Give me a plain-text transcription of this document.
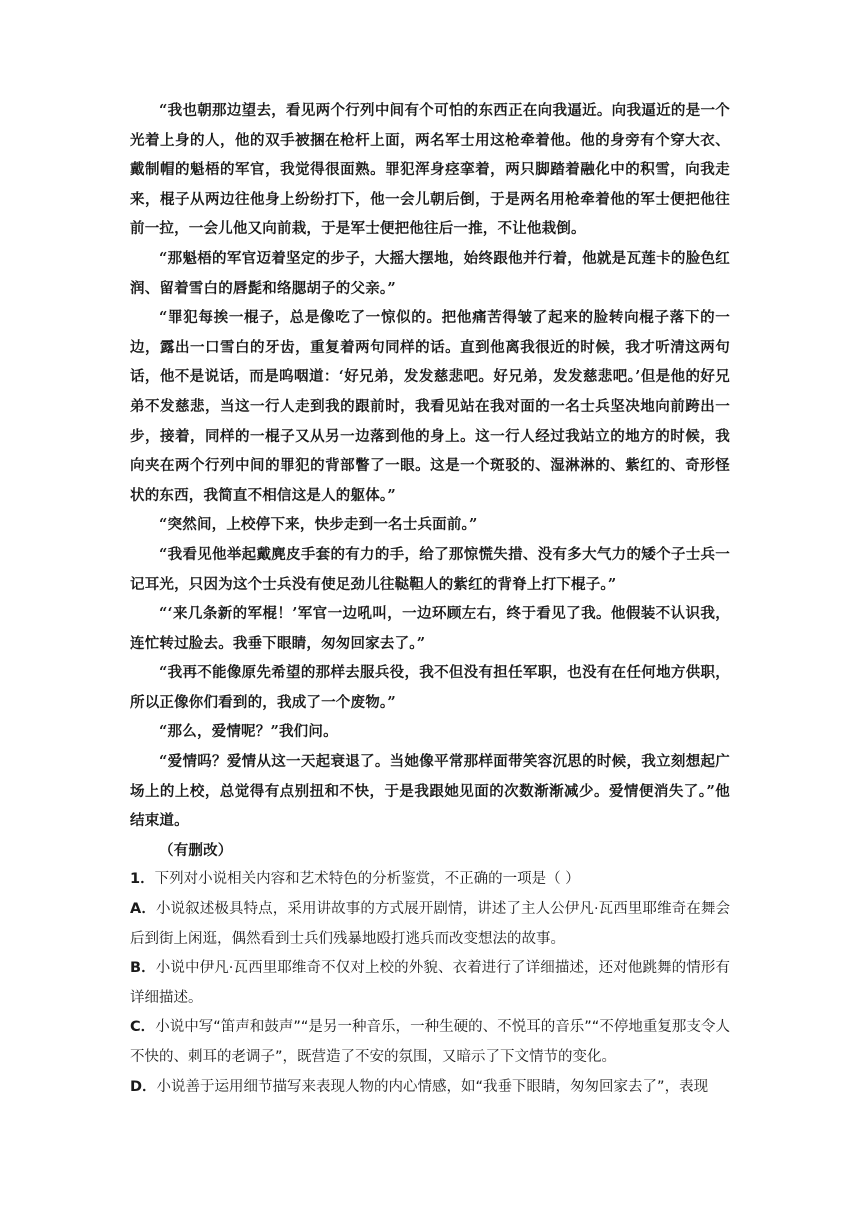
“我也朝那边望去，看见两个行列中间有个可怕的东西正在向我逼近。向我逼近的是一个光着上身的人，他的双手被捆在枪杆上面，两名军士用这枪牵着他。他的身旁有个穿大衣、戴制帽的魁梧的军官，我觉得很面熟。罪犯浑身痉挛着，两只脚踏着融化中的积雪，向我走来，棍子从两边往他身上纷纷打下，他一会儿朝后倒，于是两名用枪牵着他的军士便把他往前一拉，一会儿他又向前栽，于是军士便把他往后一推，不让他栽倒。

“那魁梧的军官迈着坚定的步子，大摇大摆地，始终跟他并行着，他就是瓦莲卡的脸色红润、留着雪白的唇髭和络腮胡子的父亲。”

“罪犯每挨一棍子，总是像吃了一惊似的。把他痛苦得皱了起来的脸转向棍子落下的一边，露出一口雪白的牙齿，重复着两句同样的话。直到他离我很近的时候，我才听清这两句话，他不是说话，而是呜咽道：‘好兄弟，发发慈悲吧。好兄弟，发发慈悲吧。’但是他的好兄弟不发慈悲，当这一行人走到我的跟前时，我看见站在我对面的一名士兵坚决地向前跨出一步，接着，同样的一棍子又从另一边落到他的身上。这一行人经过我站立的地方的时候，我向夹在两个行列中间的罪犯的背部瞥了一眼。这是一个斑驳的、湿淋淋的、紫红的、奇形怪状的东西，我简直不相信这是人的躯体。”

“突然间，上校停下来，快步走到一名士兵面前。”

“我看见他举起戴麂皮手套的有力的手，给了那惊慌失措、没有多大气力的矮个子士兵一记耳光，只因为这个士兵没有使足劲儿往鞑靼人的紫红的背脊上打下棍子。”

“‘来几条新的军棍！’军官一边吼叫，一边环顾左右，终于看见了我。他假装不认识我，连忙转过脸去。我垂下眼睛，匆匆回家去了。”

“我再不能像原先希望的那样去服兵役，我不但没有担任军职，也没有在任何地方供职，所以正像你们看到的，我成了一个废物。”

“那么，爱情呢？”我们问。

“爱情吗？爱情从这一天起衰退了。当她像平常那样面带笑容沉思的时候，我立刻想起广场上的上校，总觉得有点别扭和不快，于是我跟她见面的次数渐渐减少。爱情便消失了。”他结束道。

（有删改）

1．下列对小说相关内容和艺术特色的分析鉴赏，不正确的一项是（ ）

A．小说叙述极具特点，采用讲故事的方式展开剧情，讲述了主人公伊凡·瓦西里耶维奇在舞会后到街上闲逛，偶然看到士兵们残暴地殴打逃兵而改变想法的故事。

B．小说中伊凡·瓦西里耶维奇不仅对上校的外貌、衣着进行了详细描述，还对他跳舞的情形有详细描述。

C．小说中写“笛声和鼓声”“是另一种音乐，一种生硬的、不悦耳的音乐”“不停地重复那支令人不快的、刺耳的老调子”，既营造了不安的氛围，又暗示了下文情节的变化。

D．小说善于运用细节描写来表现人物的内心情感，如“我垂下眼睛，匆匆回家去了”，表现
